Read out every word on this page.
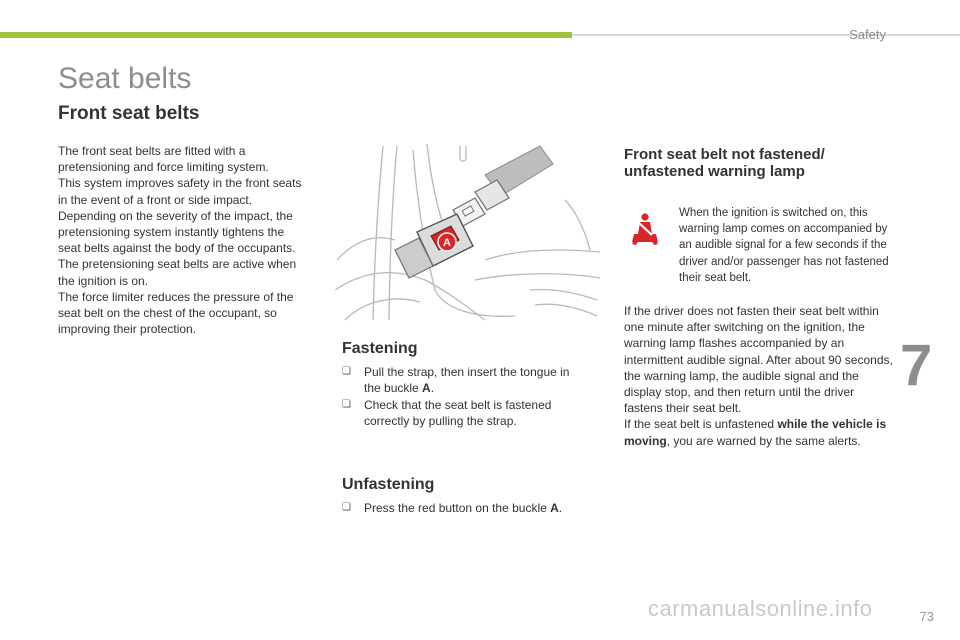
Safety
Seat belts
Front seat belts

The front seat belts are fitted with a pretensioning and force limiting system.

This system improves safety in the front seats in the event of a front or side impact. Depending on the severity of the impact, the pretensioning system instantly tightens the seat belts against the body of the occupants.

The pretensioning seat belts are active when the ignition is on.

The force limiter reduces the pressure of the seat belt on the chest of the occupant, so improving their protection.

A
Fastening
❏ Pull the strap, then insert the tongue in the buckle A.
❏ Check that the seat belt is fastened correctly by pulling the strap.
Unfastening
❏ Press the red button on the buckle A.
Front seat belt not fastened/ unfastened warning lamp

When the ignition is switched on, this warning lamp comes on accompanied by an audible signal for a few seconds if the driver and/or passenger has not fastened their seat belt.

If the driver does not fasten their seat belt within one minute after switching on the ignition, the warning lamp flashes accompanied by an intermittent audible signal. After about 90 seconds, the warning lamp, the audible signal and the display stop, and then return until the driver fastens their seat belt.
If the seat belt is unfastened while the vehicle is moving, you are warned by the same alerts.

7
73
carmanualsonline.info
